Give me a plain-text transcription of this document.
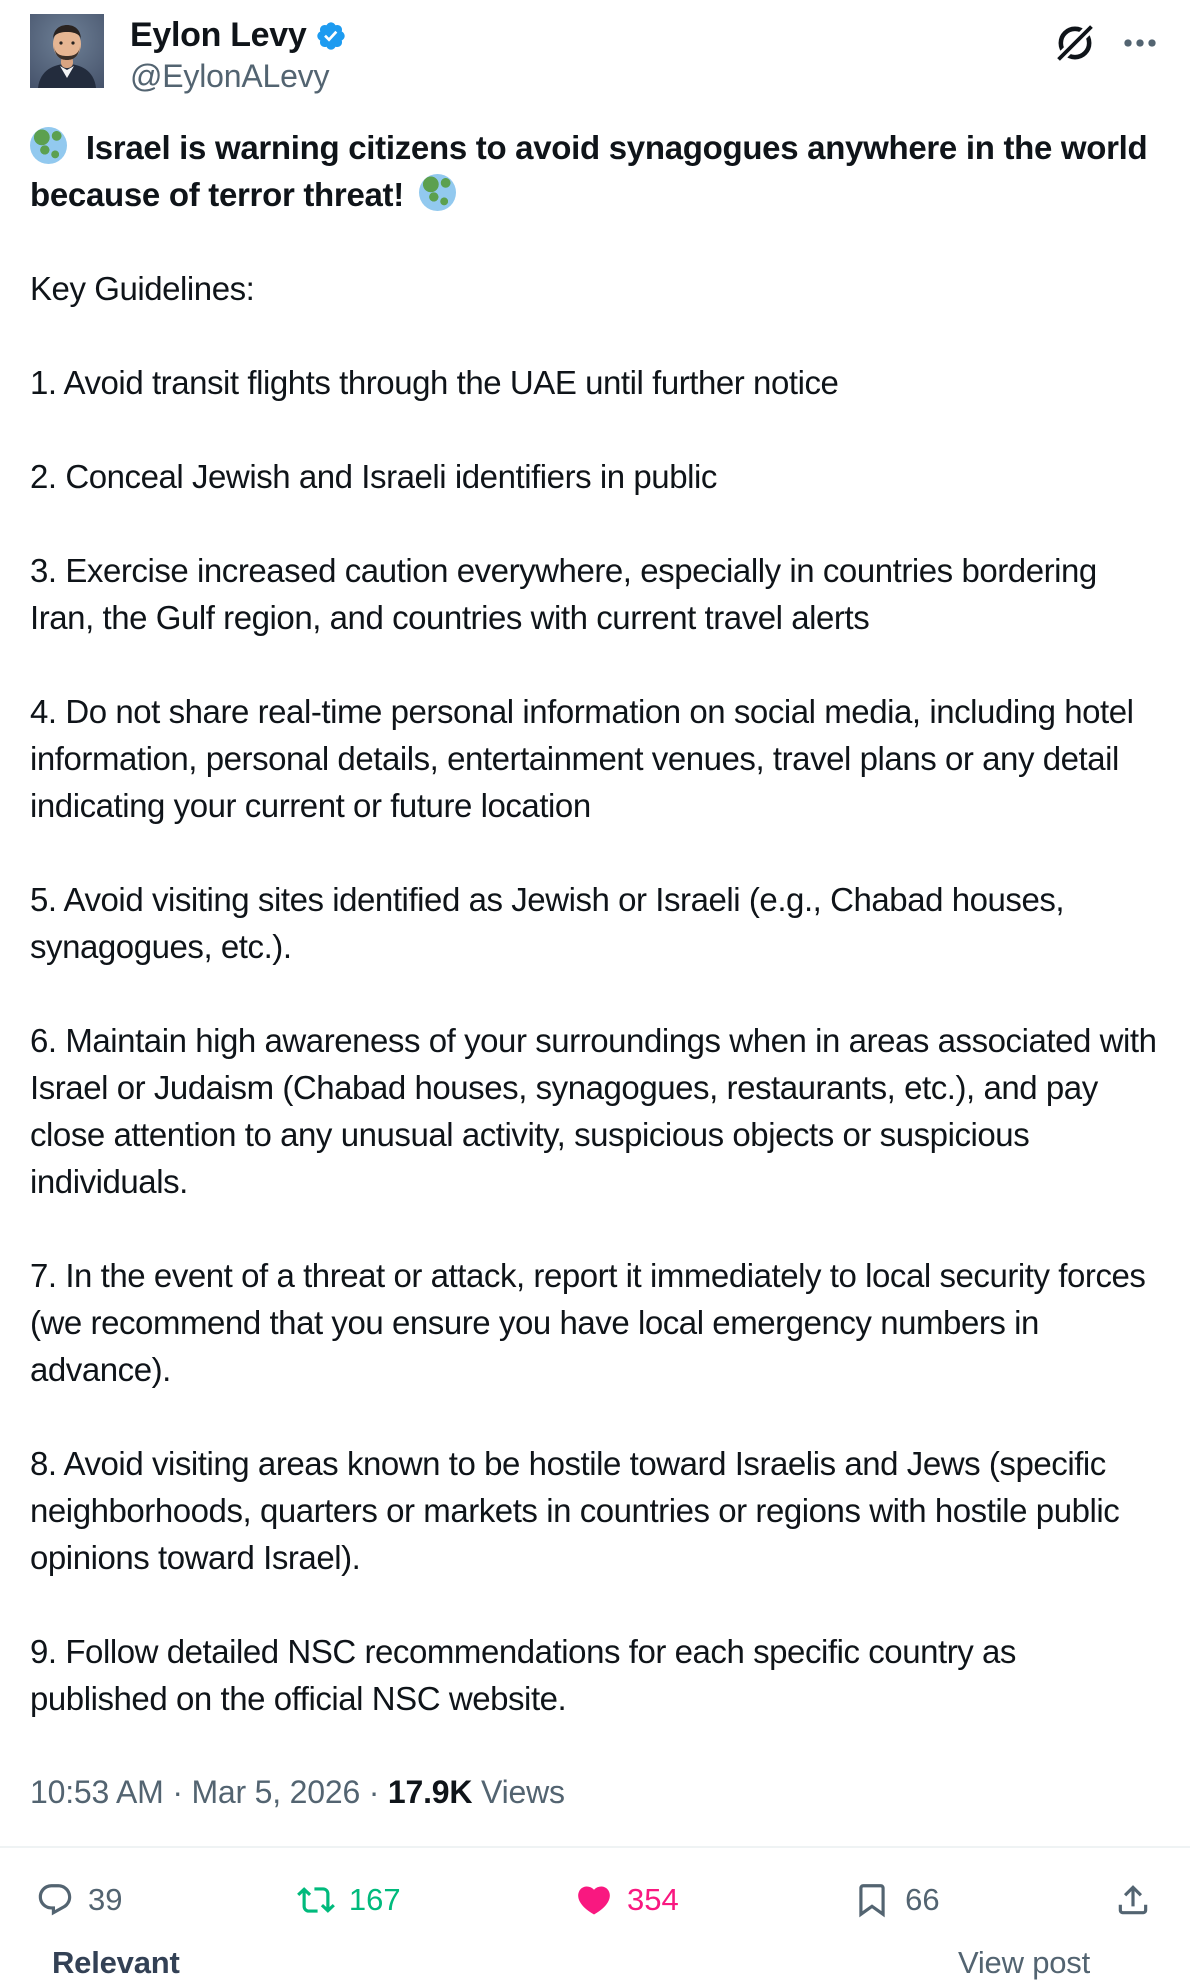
Eylon Levy
@EylonALevy

Israel is warning citizens to avoid synagogues anywhere in the world because of terror threat!

Key Guidelines:

1. Avoid transit flights through the UAE until further notice

2. Conceal Jewish and Israeli identifiers in public

3. Exercise increased caution everywhere, especially in countries bordering Iran, the Gulf region, and countries with current travel alerts

4. Do not share real-time personal information on social media, including hotel information, personal details, entertainment venues, travel plans or any detail indicating your current or future location

5. Avoid visiting sites identified as Jewish or Israeli (e.g., Chabad houses, synagogues, etc.).

6. Maintain high awareness of your surroundings when in areas associated with Israel or Judaism (Chabad houses, synagogues, restaurants, etc.), and pay close attention to any unusual activity, suspicious objects or suspicious individuals.

7. In the event of a threat or attack, report it immediately to local security forces (we recommend that you ensure you have local emergency numbers in advance).

8. Avoid visiting areas known to be hostile toward Israelis and Jews (specific neighborhoods, quarters or markets in countries or regions with hostile public opinions toward Israel).

9. Follow detailed NSC recommendations for each specific country as published on the official NSC website.

10:53 AM · Mar 5, 2026 · 17.9K Views
39	167	354	66
Relevant	View post
